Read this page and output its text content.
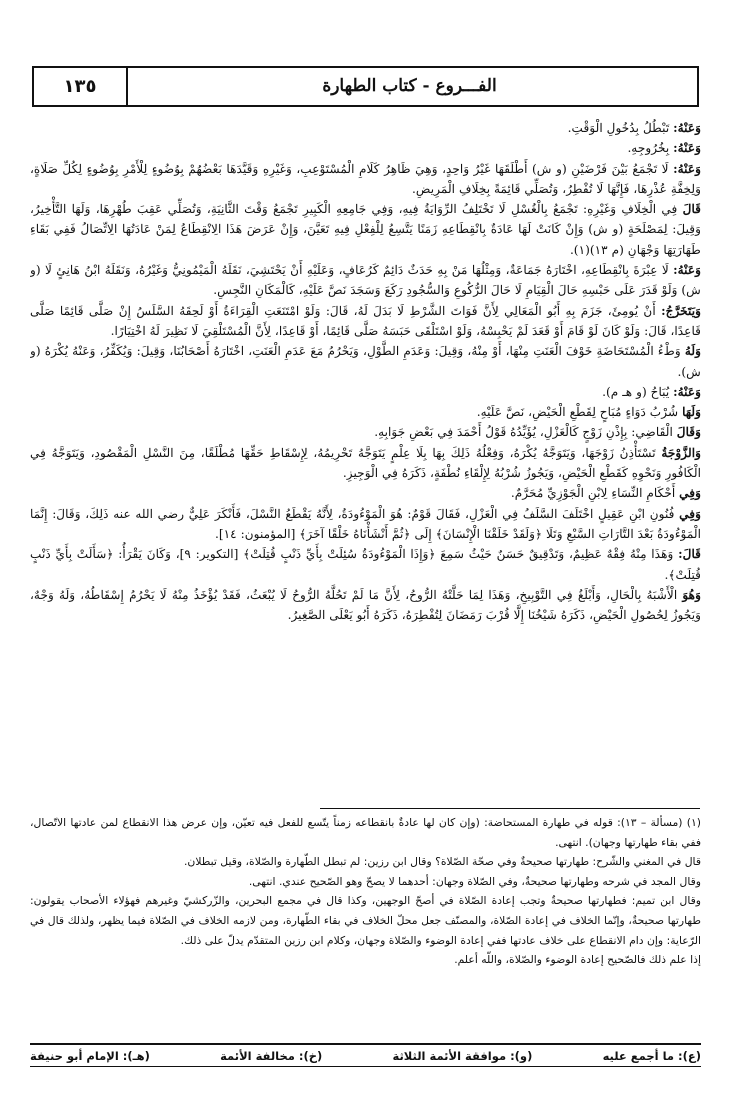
١٣٥	الفـــروع - كتاب الطهارة

وَعَنْهُ: تَبْطُلُ بِدُخُولِ الْوَقْتِ.

وَعَنْهُ: بِخُرُوجِهِ.

وَعَنْهُ: لَا تَجْمَعُ بَيْنَ فَرْضَيْنِ (و ش) أَطْلَقَهَا غَيْرُ وَاحِدٍ، وَهِيَ ظَاهِرُ كَلَامِ الْمُسْتَوْعِبِ، وَغَيْرِهِ وَقَيَّدَهَا بَعْضُهُمْ بِوُضُوءٍ لِلْأَمْرِ بِوُضُوءٍ لِكُلِّ صَلَاةٍ، وَلِخِفَّةِ عُذْرِهَا، فَإِنَّهَا لَا تُفْطِرُ، وَتُصَلِّي قَائِمَةً بِخِلَافِ الْمَرِيضِ.

قَالَ فِي الْخِلَافِ وَغَيْرِهِ: تَجْمَعُ بِالْغُسْلِ لَا تَخْتَلِفُ الرِّوَايَةُ فِيهِ، وَفِي جَامِعِهِ الْكَبِيرِ تَجْمَعُ وَقْتَ الثَّانِيَةِ، وَتُصَلِّي عَقِبَ طُهْرِهَا، وَلَهَا التَّأْخِيرُ، وَقِيلَ: لِمَصْلَحَةٍ (و ش) وَإِنْ كَانَتْ لَهَا عَادَةٌ بِانْقِطَاعِهِ زَمَنًا يَتَّسِعُ لِلْفِعْلِ فِيهِ تَعَيَّنَ، وَإِنْ عَرَضَ هَذَا الِانْقِطَاعُ لِمَنْ عَادَتُهَا الِاتِّصَالُ فَفِي بَقَاءِ طَهَارَتِهَا وَجْهَانِ (م ١٣)(١).

وَعَنْهُ: لَا عِبْرَةَ بِانْقِطَاعِهِ، اخْتَارَهُ جَمَاعَةٌ، وَمِثْلُهَا مَنْ بِهِ حَدَثٌ دَائِمٌ كَرُعَافٍ، وَعَلَيْهِ أَنْ يَحْتَشِيَ، نَقَلَهُ الْمَيْمُونِيُّ وَغَيْرُهُ، وَنَقَلَهُ ابْنُ هَانِئٍ لَا (و ش) وَلَوْ قَدَرَ عَلَى حَبْسِهِ حَالَ الْقِيَامِ لَا حَالَ الرُّكُوعِ وَالسُّجُودِ رَكَعَ وَسَجَدَ نَصَّ عَلَيْهِ، كَالْمَكَانِ النَّجِسِ.

وَيَتَخَرَّجُ: أَنْ يُومِئَ، جَزَمَ بِهِ أَبُو الْمَعَالِي لِأَنَّ فَوَاتَ الشَّرْطِ لَا بَدَلَ لَهُ، قَالَ: وَلَوْ امْتَنَعَتِ الْقِرَاءَةُ أَوْ لَحِقَهُ السَّلَسُ إِنْ صَلَّى قَائِمًا صَلَّى قَاعِدًا، قَالَ: وَلَوْ كَانَ لَوْ قَامَ أَوْ قَعَدَ لَمْ يَحْبِسْهُ، وَلَوْ اسْتَلْقَى حَبَسَهُ صَلَّى قَائِمًا، أَوْ قَاعِدًا، لِأَنَّ الْمُسْتَلْقِيَ لَا نَظِيرَ لَهُ اخْتِيَارًا.

وَلَهُ وَطْءُ الْمُسْتَحَاضَةِ خَوْفَ الْعَنَتِ مِنْهَا، أَوْ مِنْهُ، وَقِيلَ: وَعَدَمِ الطَّوْلِ، وَيَحْرُمُ مَعَ عَدَمِ الْعَنَتِ، اخْتَارَهُ أَصْحَابُنَا، وَقِيلَ: وَيُكَفِّرُ، وَعَنْهُ يُكْرَهُ (و ش).

وَعَنْهُ: يُبَاحُ (و هـ م).

وَلَهَا شُرْبُ دَوَاءٍ مُبَاحٍ لِقَطْعِ الْحَيْضِ، نَصَّ عَلَيْهِ.

وَقَالَ الْقَاضِي: بِإِذْنِ زَوْجٍ كَالْعَزْلِ، يُؤَيِّدُهُ قَوْلُ أَحْمَدَ فِي بَعْضِ جَوَابِهِ.

وَالزَّوْجَةُ تَسْتَأْذِنُ زَوْجَهَا، وَيَتَوَجَّهُ يُكْرَهُ، وَفِعْلُهُ ذَلِكَ بِهَا بِلَا عِلْمٍ يَتَوَجَّهُ تَحْرِيمُهُ، لِإِسْقَاطِ حَقِّهَا مُطْلَقًا، مِنَ النَّسْلِ الْمَقْصُودِ، وَيَتَوَجَّهُ فِي الْكَافُورِ وَنَحْوِهِ كَقَطْعِ الْحَيْضِ، وَيَجُوزُ شُرْبُهُ لِإِلْقَاءِ نُطْفَةٍ، ذَكَرَهُ فِي الْوَجِيزِ.

وَفِي أَحْكَامِ النِّسَاءِ لِابْنِ الْجَوْزِيِّ مُحَرَّمٌ.

وَفِي فُنُونِ ابْنِ عَقِيلٍ اخْتَلَفَ السَّلَفُ فِي الْعَزْلِ، فَقَالَ قَوْمٌ: هُوَ الْمَوْءُودَةُ، لِأَنَّهُ يَقْطَعُ النَّسْلَ، فَأَنْكَرَ عَلِيٌّ رضي الله عنه ذَلِكَ، وَقَالَ: إِنَّمَا الْمَوْءُودَةُ بَعْدَ التَّارَاتِ السَّبْعِ وَتَلَا ﴿وَلَقَدْ خَلَقْنَا الْإِنْسَانَ﴾ إِلَى ﴿ثُمَّ أَنْشَأْنَاهُ خَلْقًا آخَرَ﴾ [المؤمنون: ١٤].

قَالَ: وَهَذَا مِنْهُ فِقْهٌ عَظِيمٌ، وَتَدْقِيقٌ حَسَنٌ حَيْثُ سَمِعَ ﴿وَإِذَا الْمَوْءُودَةُ سُئِلَتْ بِأَيِّ ذَنْبٍ قُتِلَتْ﴾ [التكوير: ٩]، وَكَانَ يَقْرَأُ: ﴿سَأَلَتْ بِأَيِّ ذَنْبٍ قُتِلَتْ﴾.

وَهُوَ الْأَشْبَهُ بِالْحَالِ، وَأَبْلَغُ فِي التَّوْبِيخِ، وَهَذَا لِمَا حَلَّتْهُ الرُّوحُ، لِأَنَّ مَا لَمْ تَحُلَّهُ الرُّوحُ لَا يُبْعَثُ، فَقَدْ يُؤْخَذُ مِنْهُ لَا يَحْرُمُ إِسْقَاطُهُ، وَلَهُ وَجْهٌ، وَيَجُوزُ لِحُصُولِ الْحَيْضِ، ذَكَرَهُ شَيْخُنَا إِلَّا قُرْبَ رَمَضَانَ لِتُفْطِرَهُ، ذَكَرَهُ أَبُو يَعْلَى الصَّغِيرُ.

(١) (مسألة – ١٣): قوله في طهارة المستحاضة: (وإن كان لها عادةٌ بانقطاعه زمناً يتّسع للفعل فيه تعيّن، وإن عرض هذا الانقطاع لمن عادتها الاتّصال، ففي بقاء طهارتها وجهان). انتهى.

قال في المغني والشّرح: طهارتها صحيحةٌ وفي صحّة الصّلاة؟ وقال ابن رزين: لم تبطل الطّهارة والصّلاة، وقيل تبطلان.

وقال المجد في شرحه وطهارتها صحيحةٌ، وفي الصّلاة وجهان: أحدهما لا يصحّ وهو الصّحيح عندي. انتهى.

وقال ابن تميم: فطهارتها صحيحةٌ وتجب إعادة الصّلاة في أصحّ الوجهين، وكذا قال في مجمع البحرين، والزّركشيّ وغيرهم فهؤلاء الأصحاب يقولون: طهارتها صحيحةٌ، وإنّما الخلاف في إعادة الصّلاة، والمصنّف جعل محلّ الخلاف في بقاء الطّهارة، ومن لازمه الخلاف في الصّلاة فيما يظهر، ولذلك قال في الرّعاية: وإن دام الانقطاع على خلاف عادتها ففي إعادة الوضوء والصّلاة وجهان، وكلام ابن رزين المتقدّم يدلّ على ذلك.

إذا علم ذلك فالصّحيح إعادة الوضوء والصّلاة، واللّه أعلم.

(ع): ما أجمع عليه
(و): موافقة الأئمة الثلاثة
(خ): مخالفة الأئمة
(هـ): الإمام أبو حنيفة
